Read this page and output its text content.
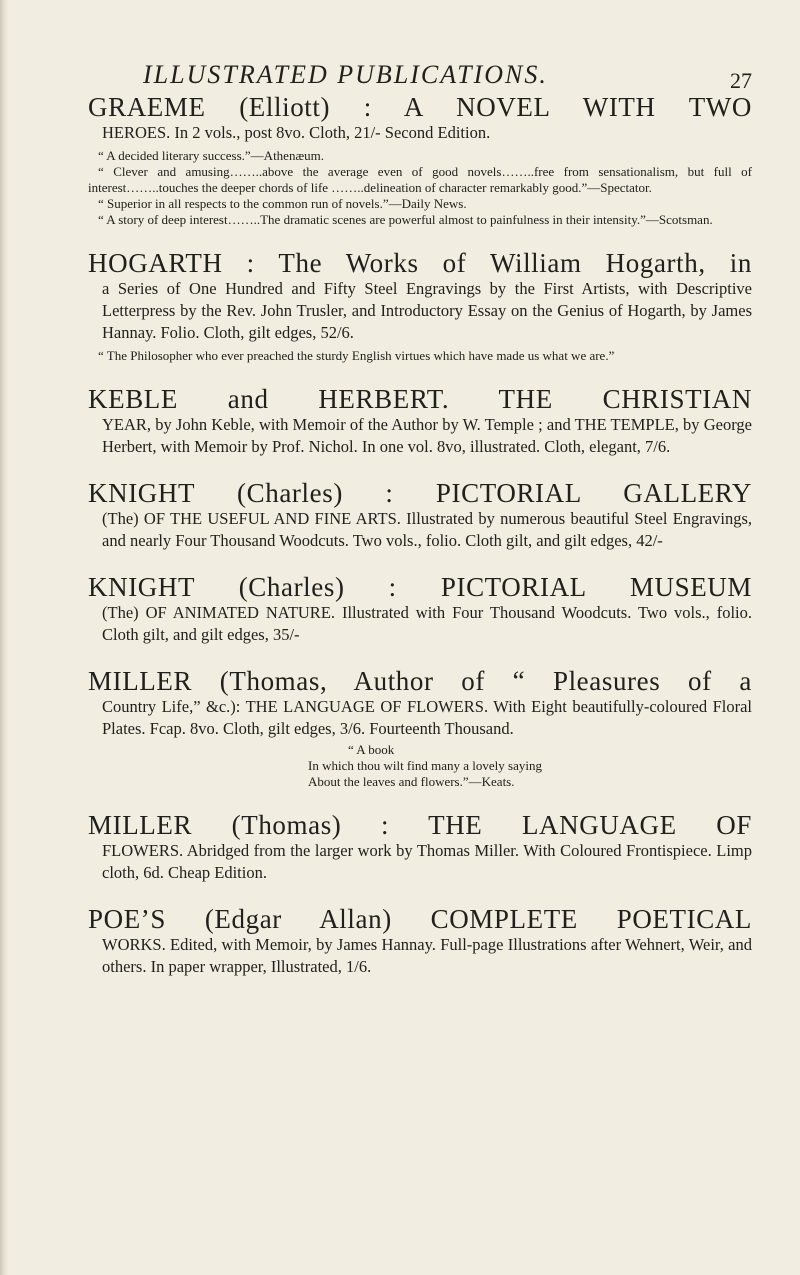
ILLUSTRATED PUBLICATIONS.	27
GRAEME (Elliott) : A NOVEL WITH TWO
HEROES. In 2 vols., post 8vo. Cloth, 21/- Second Edition.
“ A decided literary success.”—Athenæum.
“ Clever and amusing……..above the average even of good novels……..free from sensationalism, but full of interest……..touches the deeper chords of life ……..delineation of character remarkably good.”—Spectator.
“ Superior in all respects to the common run of novels.”—Daily News.
“ A story of deep interest……..The dramatic scenes are powerful almost to painfulness in their intensity.”—Scotsman.
HOGARTH : The Works of William Hogarth, in
a Series of One Hundred and Fifty Steel Engravings by the First Artists, with Descriptive Letterpress by the Rev. John Trusler, and Introductory Essay on the Genius of Hogarth, by James Hannay. Folio. Cloth, gilt edges, 52/6.
“ The Philosopher who ever preached the sturdy English virtues which have made us what we are.”
KEBLE and HERBERT. THE CHRISTIAN
YEAR, by John Keble, with Memoir of the Author by W. Temple ; and THE TEMPLE, by George Herbert, with Memoir by Prof. Nichol. In one vol. 8vo, illustrated. Cloth, elegant, 7/6.
KNIGHT (Charles) : PICTORIAL GALLERY
(The) OF THE USEFUL AND FINE ARTS. Illustrated by numerous beautiful Steel Engravings, and nearly Four Thousand Woodcuts. Two vols., folio. Cloth gilt, and gilt edges, 42/-
KNIGHT (Charles) : PICTORIAL MUSEUM
(The) OF ANIMATED NATURE. Illustrated with Four Thousand Woodcuts. Two vols., folio. Cloth gilt, and gilt edges, 35/-
MILLER (Thomas, Author of “ Pleasures of a
Country Life,” &c.): THE LANGUAGE OF FLOWERS. With Eight beautifully-coloured Floral Plates. Fcap. 8vo. Cloth, gilt edges, 3/6. Fourteenth Thousand.
“ A book
In which thou wilt find many a lovely saying
About the leaves and flowers.”—Keats.
MILLER (Thomas) : THE LANGUAGE OF
FLOWERS. Abridged from the larger work by Thomas Miller. With Coloured Frontispiece. Limp cloth, 6d. Cheap Edition.
POE’S (Edgar Allan) COMPLETE POETICAL
WORKS. Edited, with Memoir, by James Hannay. Full-page Illustrations after Wehnert, Weir, and others. In paper wrapper, Illustrated, 1/6.
